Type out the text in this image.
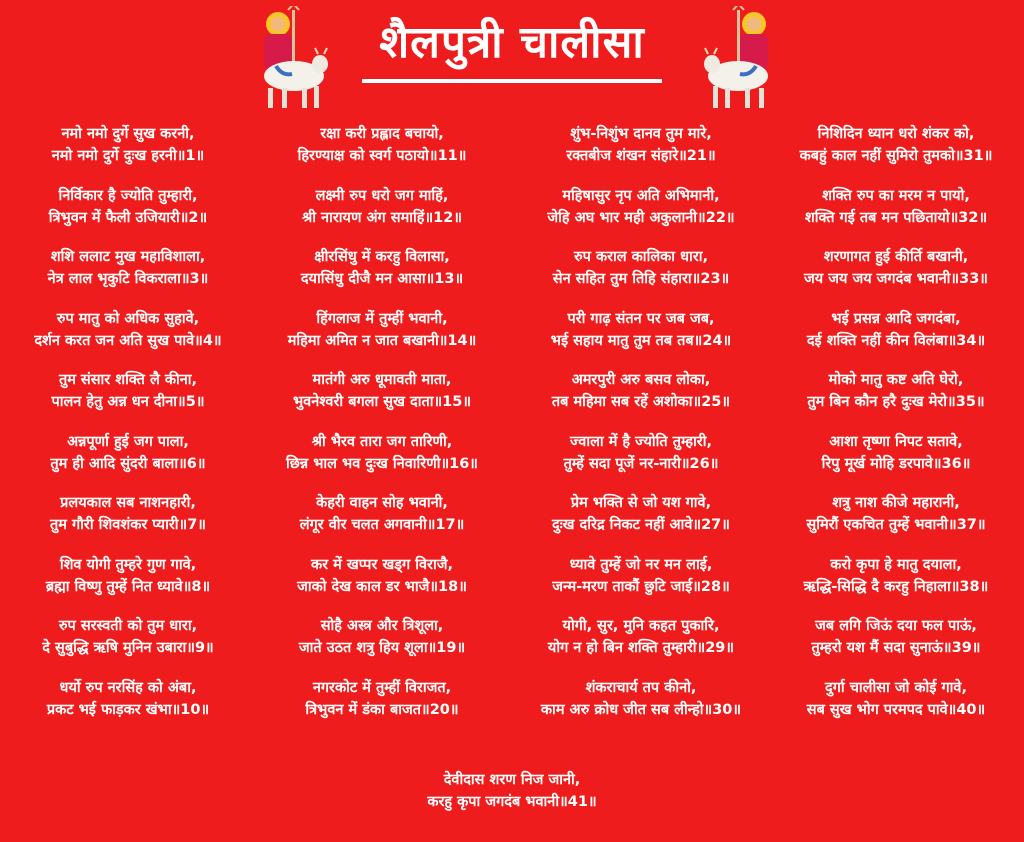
शैलपुत्री चालीसा
नमो नमो दुर्गे सुख करनी,
नमो नमो दुर्गे दुःख हरनी॥1॥
निर्विकार है ज्योति तुम्हारी,
त्रिभुवन में फैली उजियारी॥2॥
शशि ललाट मुख महाविशाला,
नेत्र लाल भृकुटि विकराला॥3॥
रुप मातु को अधिक सुहावे,
दर्शन करत जन अति सुख पावे॥4॥
तुम संसार शक्ति लै कीना,
पालन हेतु अन्न धन दीना॥5॥
अन्नपूर्णा हुई जग पाला,
तुम ही आदि सुंदरी बाला॥6॥
प्रलयकाल सब नाशनहारी,
तुम गौरी शिवशंकर प्यारी॥7॥
शिव योगी तुम्हरे गुण गावे,
ब्रह्मा विष्णु तुम्हें नित ध्यावे॥8॥
रुप सरस्वती को तुम धारा,
दे सुबुद्धि ऋषि मुनिन उबारा॥9॥
धर्यो रुप नरसिंह को अंबा,
प्रकट भई फाड़कर खंभा॥10॥
रक्षा करी प्रह्लाद बचायो,
हिरण्याक्ष को स्वर्ग पठायो॥11॥
लक्ष्मी रुप धरो जग माहिं,
श्री नारायण अंग समाहिं॥12॥
क्षीरसिंधु में करहु विलासा,
दयासिंधु दीजै मन आसा॥13॥
हिंगलाज में तुम्हीं भवानी,
महिमा अमित न जात बखानी॥14॥
मातंगी अरु धूमावती माता,
भुवनेश्वरी बगला सुख दाता॥15॥
श्री भैरव तारा जग तारिणी,
छिन्न भाल भव दुःख निवारिणी॥16॥
केहरी वाहन सोह भवानी,
लंगूर वीर चलत अगवानी॥17॥
कर में खप्पर खड्ग विराजै,
जाको देख काल डर भाजै॥18॥
सोहै अस्त्र और त्रिशूला,
जाते उठत शत्रु हिय शूला॥19॥
नगरकोट में तुम्हीं विराजत,
त्रिभुवन में डंका बाजत॥20॥
शुंभ-निशुंभ दानव तुम मारे,
रक्तबीज शंखन संहारे॥21॥
महिषासुर नृप अति अभिमानी,
जेहि अघ भार मही अकुलानी॥22॥
रुप कराल कालिका धारा,
सेन सहित तुम तिहि संहारा॥23॥
परी गाढ़ संतन पर जब जब,
भई सहाय मातु तुम तब तब॥24॥
अमरपुरी अरु बसव लोका,
तब महिमा सब रहें अशोका॥25॥
ज्वाला में है ज्योति तुम्हारी,
तुम्हें सदा पूजें नर-नारी॥26॥
प्रेम भक्ति से जो यश गावे,
दुःख दरिद्र निकट नहीं आवे॥27॥
ध्यावे तुम्हें जो नर मन लाई,
जन्म-मरण ताकौं छुटि जाई॥28॥
योगी, सुर, मुनि कहत पुकारि,
योग न हो बिन शक्ति तुम्हारी॥29॥
शंकराचार्य तप कीनो,
काम अरु क्रोध जीत सब लीन्हो॥30॥
निशिदिन ध्यान धरो शंकर को,
कबहुं काल नहीं सुमिरो तुमको॥31॥
शक्ति रुप का मरम न पायो,
शक्ति गई तब मन पछितायो॥32॥
शरणागत हुई कीर्ति बखानी,
जय जय जय जगदंब भवानी॥33॥
भई प्रसन्न आदि जगदंबा,
दई शक्ति नहीं कीन विलंबा॥34॥
मोको मातु कष्ट अति घेरो,
तुम बिन कौन हरै दुःख मेरो॥35॥
आशा तृष्णा निपट सतावे,
रिपु मूर्ख मोहि डरपावे॥36॥
शत्रु नाश कीजे महारानी,
सुमिरौं एकचित तुम्हें भवानी॥37॥
करो कृपा हे मातु दयाला,
ऋद्धि-सिद्धि दै करहु निहाला॥38॥
जब लगि जिऊं दया फल पाऊं,
तुम्हरो यश मैं सदा सुनाऊं॥39॥
दुर्गा चालीसा जो कोई गावे,
सब सुख भोग परमपद पावे॥40॥
देवीदास शरण निज जानी,
करहु कृपा जगदंब भवानी॥41॥
